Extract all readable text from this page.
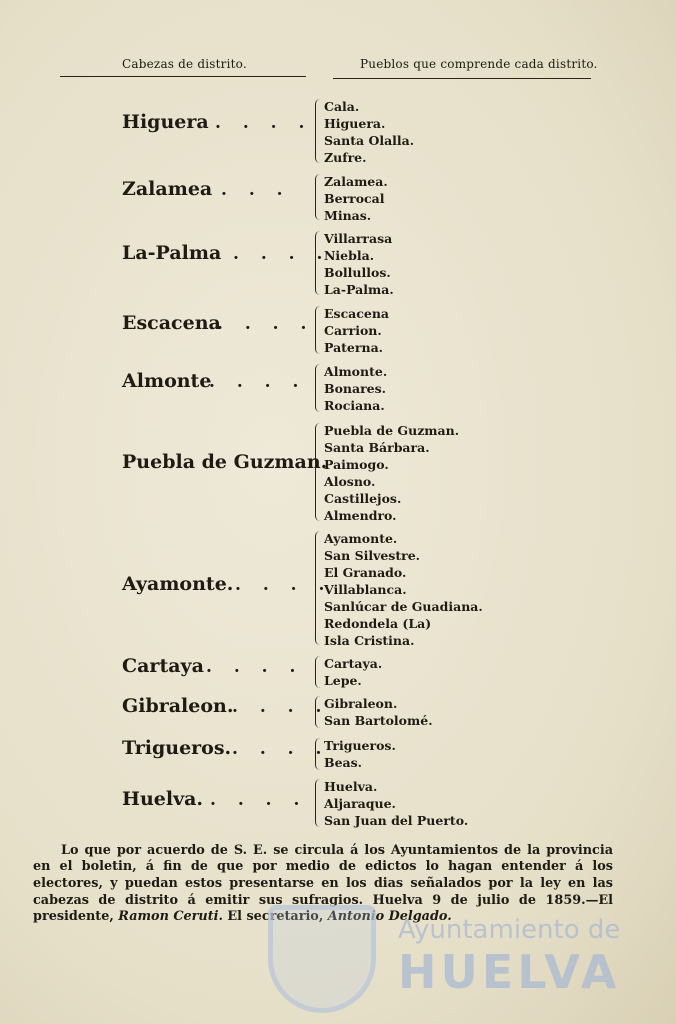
Cabezas de distrito.	Pueblos que comprende cada distrito.
Higuera . . . .
Cala.
Higuera.
Santa Olalla.
Zufre.
Zalamea . . .	Zalamea.
Berrocal
Minas.
La-Palma . . . .
Villarrasa
Niebla.
Bollullos.
La-Palma.
Escacena
. . . .
Escacena
Carrion.
Paterna.
Almonte
. . . .
Almonte.
Bonares.
Rociana.
Puebla de Guzman.
Puebla de Guzman.
Santa Bárbara.
Paimogo.
Alosno.
Castillejos.
Almendro.
Ayamonte. . . . .
Ayamonte.
San Silvestre.
El Granado.
Villablanca.
Sanlúcar de Guadiana.
Redondela (La)
Isla Cristina.
Cartaya . . . . Cartaya.
Lepe.
Gibraleon.
. . . .
Gibraleon.
San Bartolomé.
Trigueros. . . . .
Trigueros.
Beas.
Huelva. . . . .
Huelva.
Aljaraque.
San Juan del Puerto.

Lo que por acuerdo de S. E. se circula á los Ayuntamientos de la provincia en el boletin, á fin de que por medio de edictos lo hagan entender á los electores, y puedan estos presentarse en los dias señalados por la ley en las cabezas de distrito á emitir sus sufragios. Huelva 9 de julio de 1859.—El presidente, Ramon Ceruti. El secretario, Antonio Delgado.

Ayuntamiento de
HUELVA
